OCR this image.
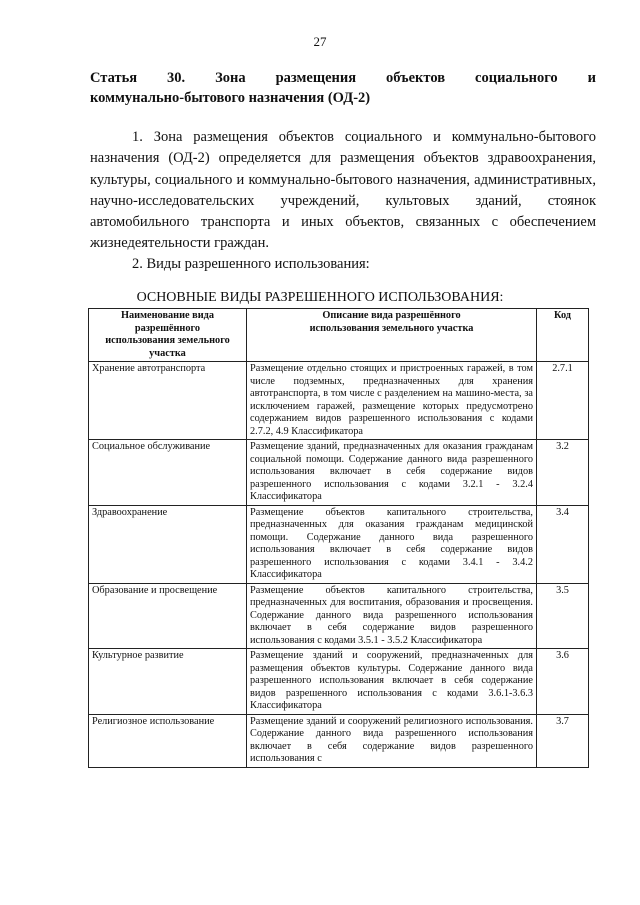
27
Статья 30. Зона размещения объектов социального и
коммунально-бытового назначения (ОД-2)
1. Зона размещения объектов социального и коммунально-бытового назначения (ОД-2) определяется для размещения объектов здравоохранения, культуры, социального и коммунально-бытового назначения, административных, научно-исследовательских учреждений, культовых зданий, стоянок автомобильного транспорта и иных объектов, связанных с обеспечением жизнедеятельности граждан.
2. Виды разрешенного использования:
ОСНОВНЫЕ ВИДЫ РАЗРЕШЕННОГО ИСПОЛЬЗОВАНИЯ:
Наименование вида разрешённого использования земельного участка	Описание вида разрешённого использования земельного участка	Код
Хранение автотранспорта	Размещение отдельно стоящих и пристроенных гаражей, в том числе подземных, предназначенных для хранения автотранспорта, в том числе с разделением на машино-места, за исключением гаражей, размещение которых предусмотрено содержанием видов разрешенного использования с кодами 2.7.2, 4.9 Классификатора	2.7.1
Социальное обслуживание	Размещение зданий, предназначенных для оказания гражданам социальной помощи. Содержание данного вида разрешенного использования включает в себя содержание видов разрешенного использования с кодами 3.2.1 - 3.2.4 Классификатора	3.2
Здравоохранение	Размещение объектов капитального строительства, предназначенных для оказания гражданам медицинской помощи. Содержание данного вида разрешенного использования включает в себя содержание видов разрешенного использования с кодами 3.4.1 - 3.4.2 Классификатора	3.4
Образование и просвещение	Размещение объектов капитального строительства, предназначенных для воспитания, образования и просвещения. Содержание данного вида разрешенного использования включает в себя содержание видов разрешенного использования с кодами 3.5.1 - 3.5.2 Классификатора	3.5
Культурное развитие	Размещение зданий и сооружений, предназначенных для размещения объектов культуры. Содержание данного вида разрешенного использования включает в себя содержание видов разрешенного использования с кодами 3.6.1-3.6.3 Классификатора	3.6
Религиозное использование	Размещение зданий и сооружений религиозного использования. Содержание данного вида разрешенного использования включает в себя содержание видов разрешенного использования с	3.7
